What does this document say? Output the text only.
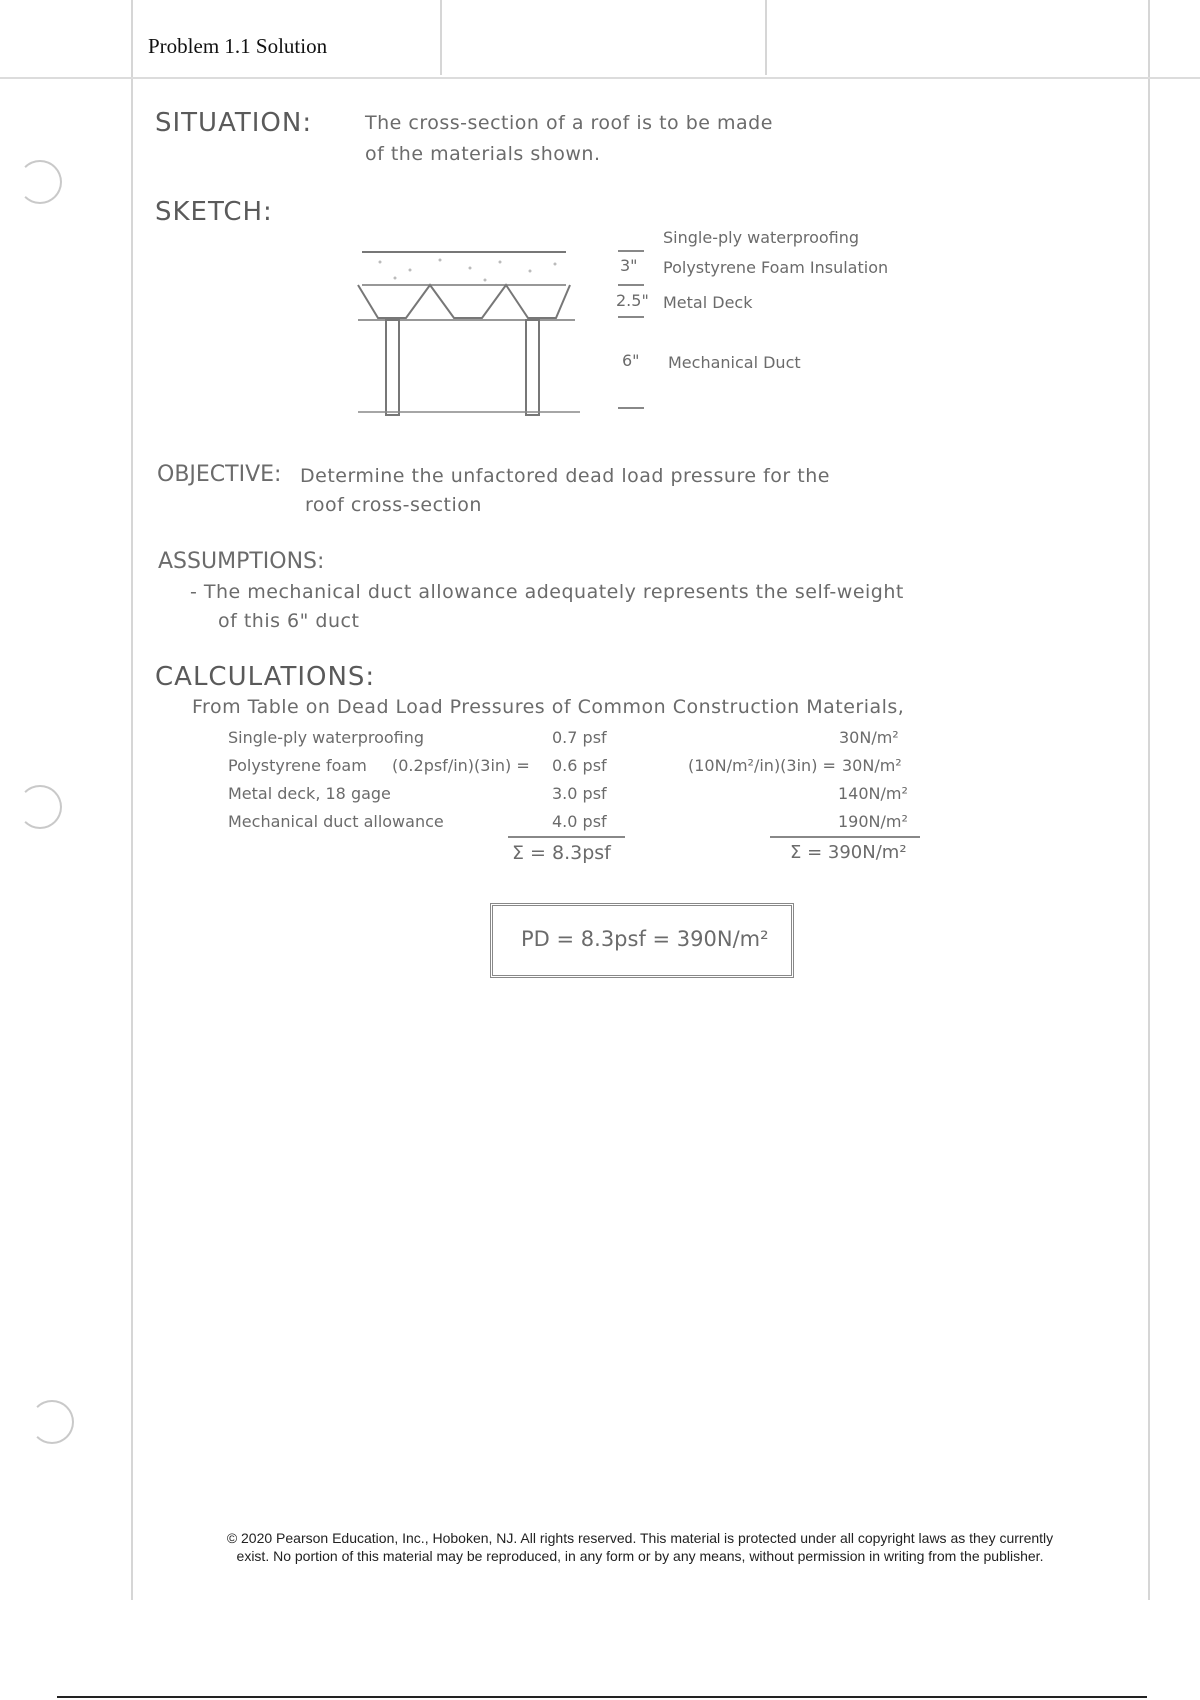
Problem 1.1 Solution
SITUATION:	The cross-section of a roof is to be made
of the materials shown.
SKETCH:
Single-ply waterproofing
3" Polystyrene Foam Insulation
2.5" Metal Deck
6" Mechanical Duct
OBJECTIVE: Determine the unfactored dead load pressure for the
roof cross-section
ASSUMPTIONS:
- The mechanical duct allowance adequately represents the self-weight
of this 6" duct
CALCULATIONS:
From Table on Dead Load Pressures of Common Construction Materials,
Single-ply waterproofing
Polystyrene foam (0.2psf/in)(3in) =
Metal deck, 18 gage
Mechanical duct allowance
0.7 psf
0.6 psf
3.0 psf
4.0 psf
Σ = 8.3psf
30N/m²
(10N/m²/in)(3in) = 30N/m²
140N/m²
190N/m²
Σ = 390N/m²
PD = 8.3psf = 390N/m²
© 2020 Pearson Education, Inc., Hoboken, NJ. All rights reserved. This material is protected under all copyright laws as they currently
exist. No portion of this material may be reproduced, in any form or by any means, without permission in writing from the publisher.
